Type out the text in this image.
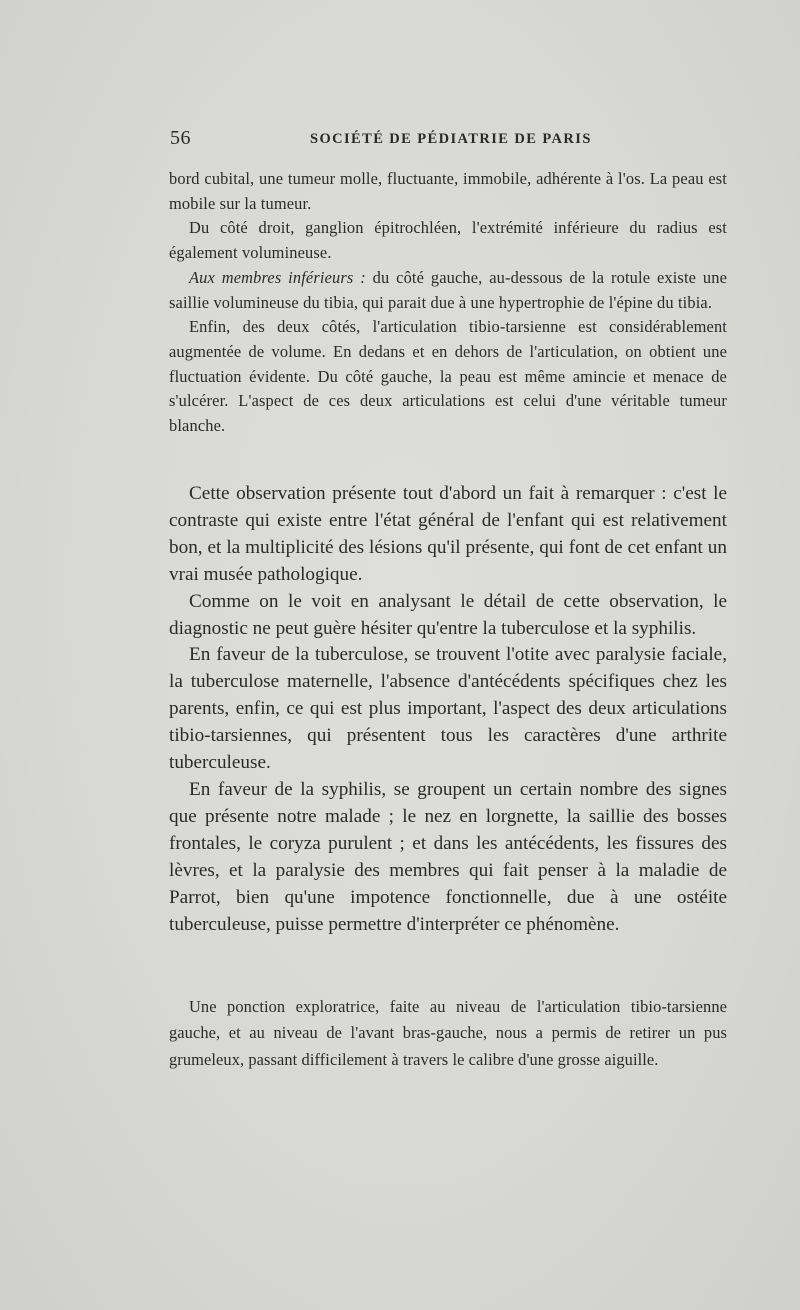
56	SOCIÉTÉ DE PÉDIATRIE DE PARIS

bord cubital, une tumeur molle, fluctuante, immobile, adhérente à l'os. La peau est mobile sur la tumeur.

Du côté droit, ganglion épitrochléen, l'extrémité inférieure du radius est également volumineuse.

Aux membres inférieurs : du côté gauche, au-dessous de la rotule existe une saillie volumineuse du tibia, qui parait due à une hypertrophie de l'épine du tibia.

Enfin, des deux côtés, l'articulation tibio-tarsienne est considérablement augmentée de volume. En dedans et en dehors de l'articulation, on obtient une fluctuation évidente. Du côté gauche, la peau est même amincie et menace de s'ulcérer. L'aspect de ces deux articulations est celui d'une véritable tumeur blanche.

Cette observation présente tout d'abord un fait à remarquer : c'est le contraste qui existe entre l'état général de l'enfant qui est relativement bon, et la multiplicité des lésions qu'il présente, qui font de cet enfant un vrai musée pathologique.

Comme on le voit en analysant le détail de cette observation, le diagnostic ne peut guère hésiter qu'entre la tuberculose et la syphilis.

En faveur de la tuberculose, se trouvent l'otite avec paralysie faciale, la tuberculose maternelle, l'absence d'antécédents spécifiques chez les parents, enfin, ce qui est plus important, l'aspect des deux articulations tibio-tarsiennes, qui présentent tous les caractères d'une arthrite tuberculeuse.

En faveur de la syphilis, se groupent un certain nombre des signes que présente notre malade ; le nez en lorgnette, la saillie des bosses frontales, le coryza purulent ; et dans les antécédents, les fissures des lèvres, et la paralysie des membres qui fait penser à la maladie de Parrot, bien qu'une impotence fonctionnelle, due à une ostéite tuberculeuse, puisse permettre d'interpréter ce phénomène.

Une ponction exploratrice, faite au niveau de l'articulation tibio-tarsienne gauche, et au niveau de l'avant bras-gauche, nous a permis de retirer un pus grumeleux, passant difficilement à travers le calibre d'une grosse aiguille.
